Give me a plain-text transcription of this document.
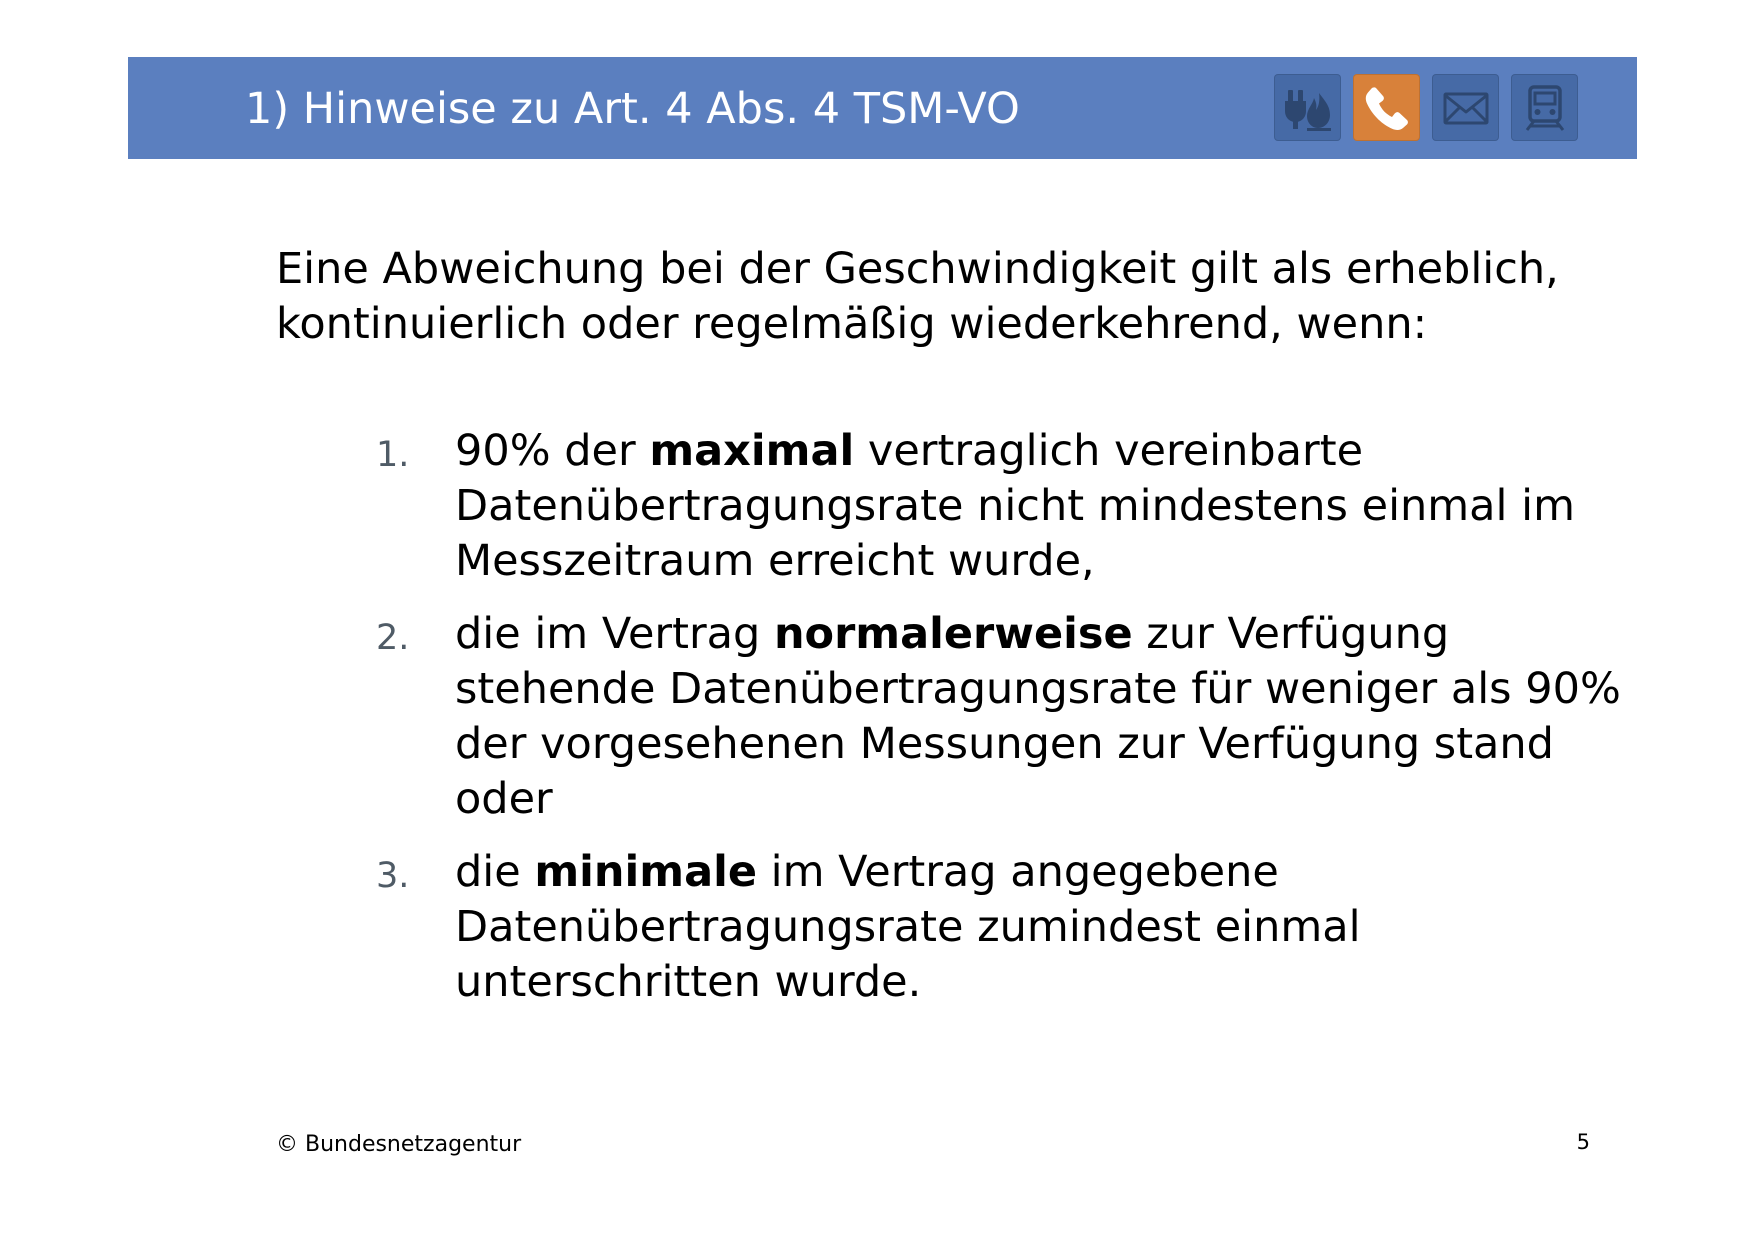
1) Hinweise zu Art. 4 Abs. 4 TSM-VO

Eine Abweichung bei der Geschwindigkeit gilt als erheblich, kontinuierlich oder regelmäßig wiederkehrend, wenn:

1. 90% der maximal vertraglich vereinbarte Datenübertragungsrate nicht mindestens einmal im Messzeitraum erreicht wurde,
2. die im Vertrag normalerweise zur Verfügung stehende Datenübertragungsrate für weniger als 90% der vorgesehenen Messungen zur Verfügung stand oder
3. die minimale im Vertrag angegebene Datenübertragungsrate zumindest einmal unterschritten wurde.
© Bundesnetzagentur	5
